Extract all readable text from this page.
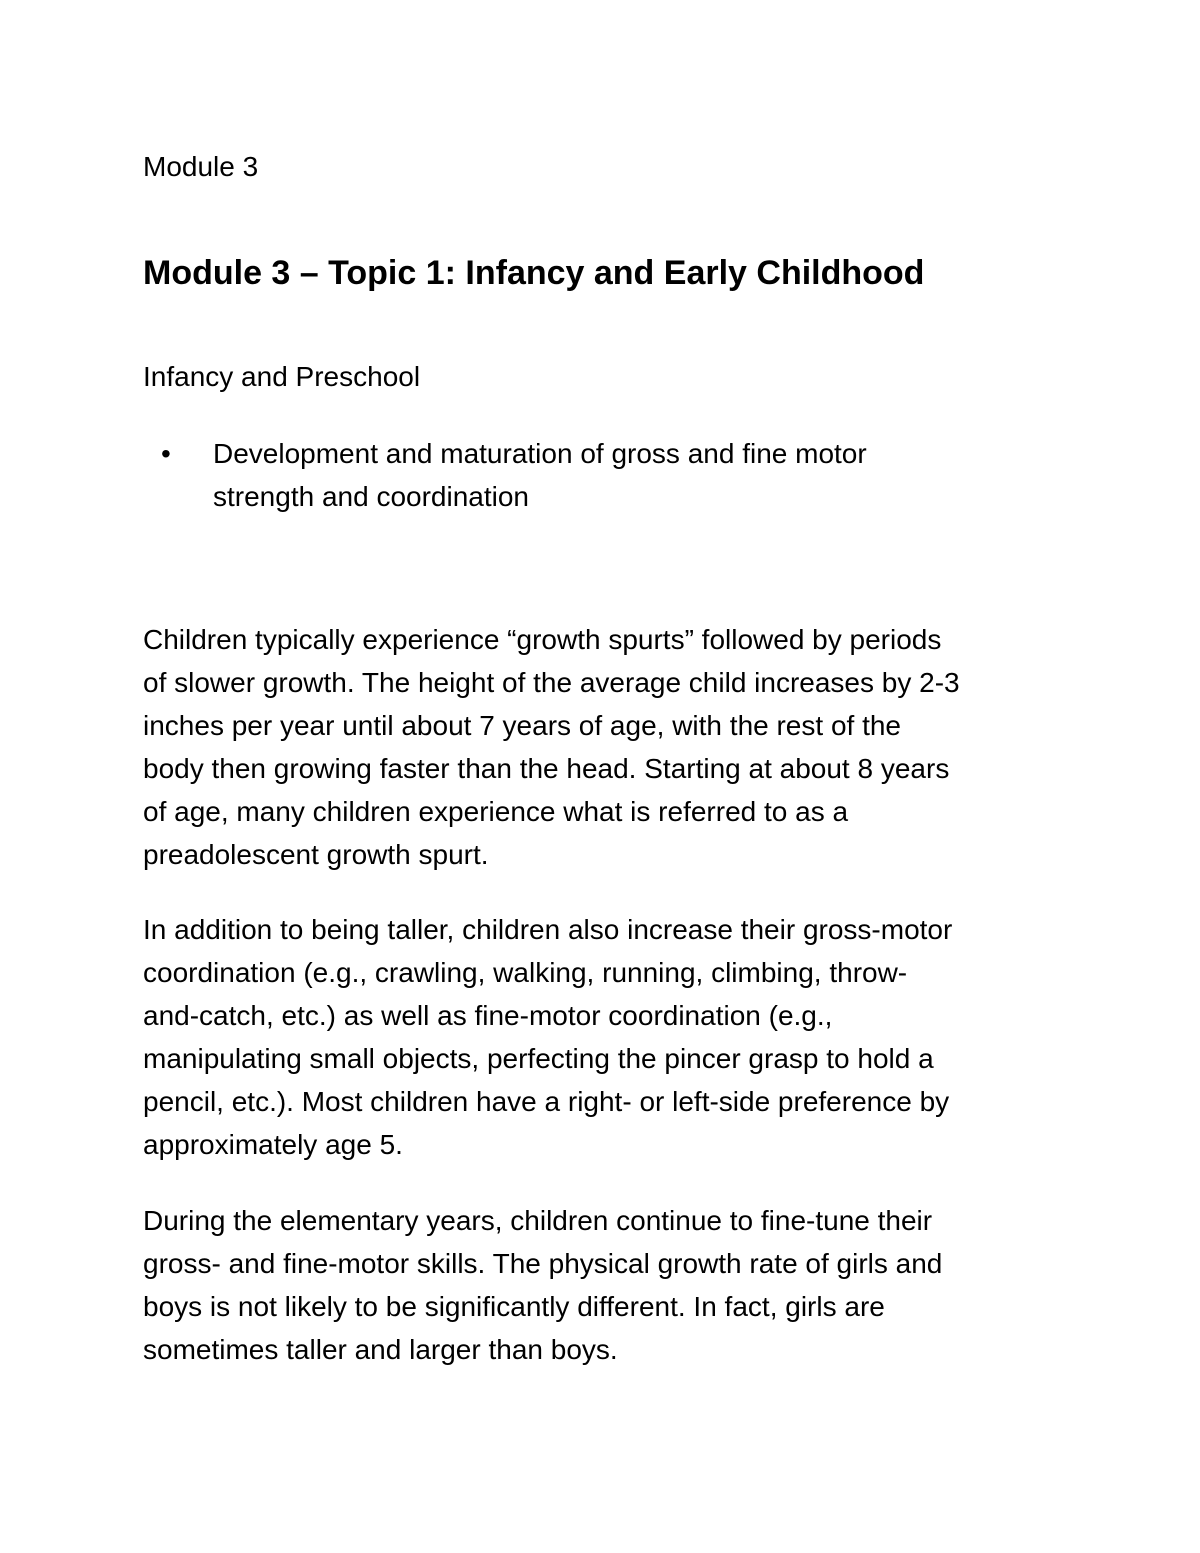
Module 3

Module 3 – Topic 1: Infancy and Early Childhood

Infancy and Preschool

• Development and maturation of gross and fine motor
strength and coordination

Children typically experience “growth spurts” followed by periods
of slower growth. The height of the average child increases by 2-3
inches per year until about 7 years of age, with the rest of the
body then growing faster than the head. Starting at about 8 years
of age, many children experience what is referred to as a
preadolescent growth spurt.

In addition to being taller, children also increase their gross-motor
coordination (e.g., crawling, walking, running, climbing, throw-
and-catch, etc.) as well as fine-motor coordination (e.g.,
manipulating small objects, perfecting the pincer grasp to hold a
pencil, etc.). Most children have a right- or left-side preference by
approximately age 5.

During the elementary years, children continue to fine-tune their
gross- and fine-motor skills. The physical growth rate of girls and
boys is not likely to be significantly different. In fact, girls are
sometimes taller and larger than boys.
